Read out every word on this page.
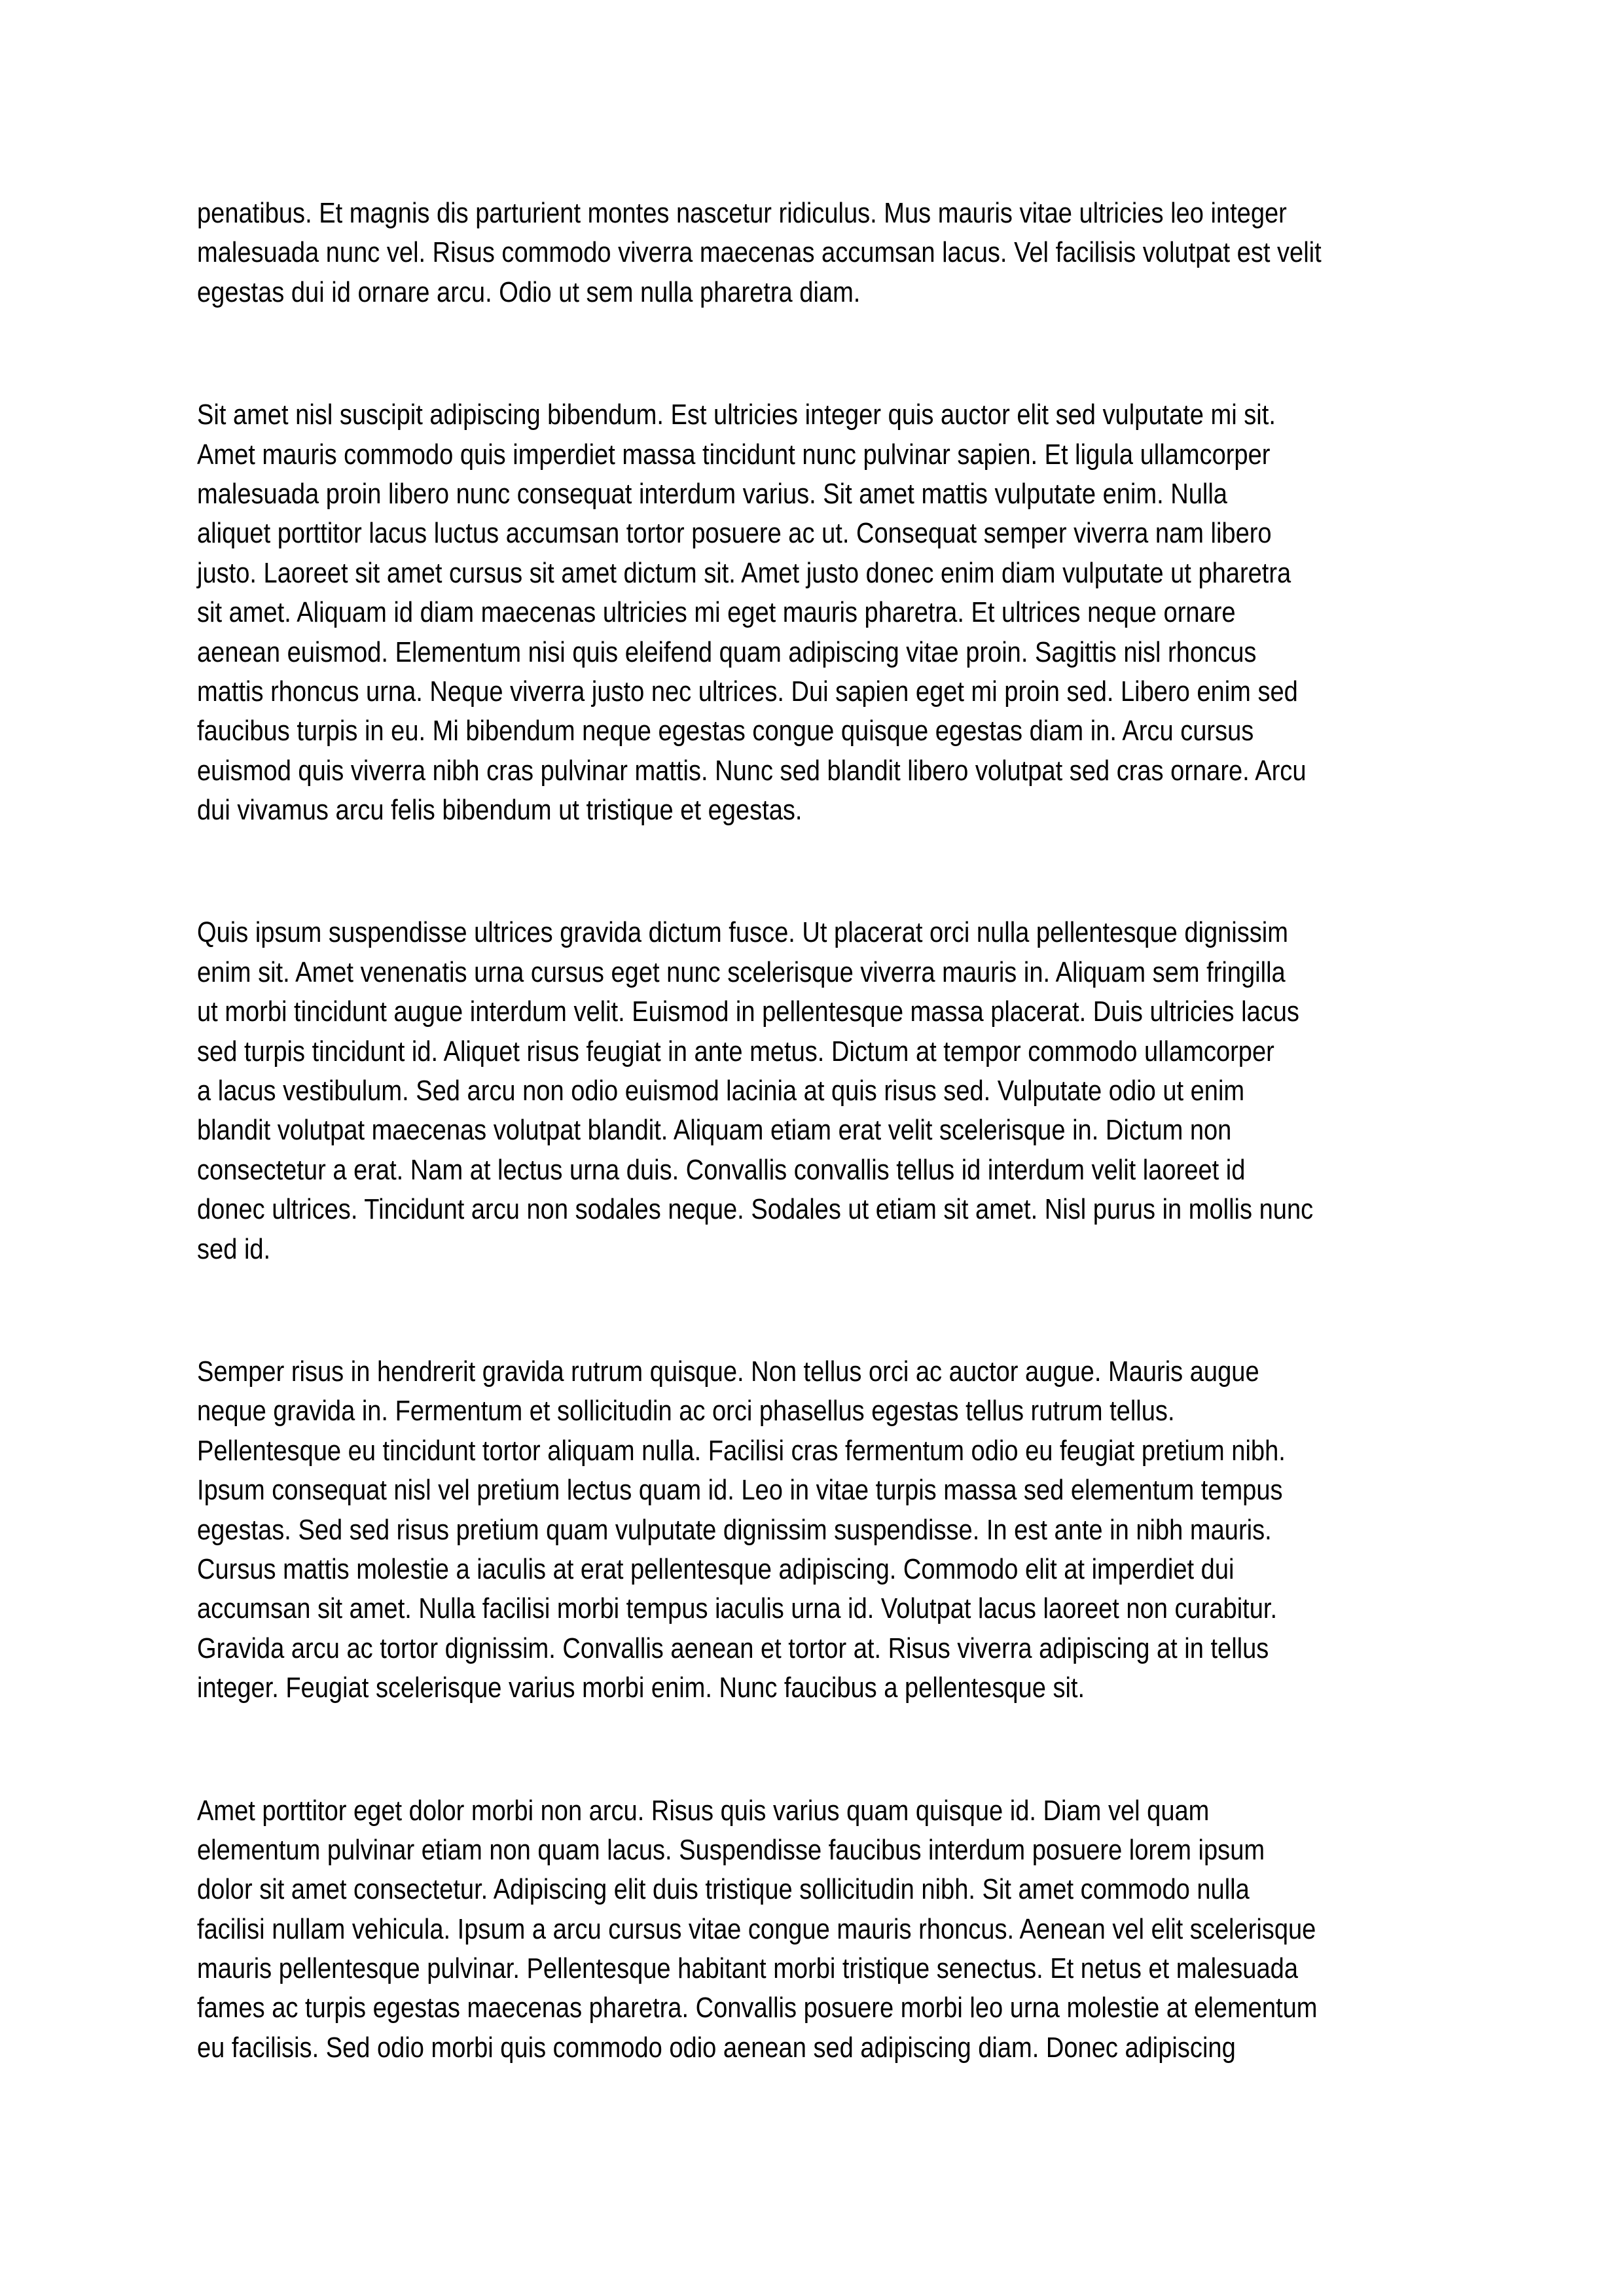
penatibus. Et magnis dis parturient montes nascetur ridiculus. Mus mauris vitae ultricies leo integer
malesuada nunc vel. Risus commodo viverra maecenas accumsan lacus. Vel facilisis volutpat est velit
egestas dui id ornare arcu. Odio ut sem nulla pharetra diam.

Sit amet nisl suscipit adipiscing bibendum. Est ultricies integer quis auctor elit sed vulputate mi sit.
Amet mauris commodo quis imperdiet massa tincidunt nunc pulvinar sapien. Et ligula ullamcorper
malesuada proin libero nunc consequat interdum varius. Sit amet mattis vulputate enim. Nulla
aliquet porttitor lacus luctus accumsan tortor posuere ac ut. Consequat semper viverra nam libero
justo. Laoreet sit amet cursus sit amet dictum sit. Amet justo donec enim diam vulputate ut pharetra
sit amet. Aliquam id diam maecenas ultricies mi eget mauris pharetra. Et ultrices neque ornare
aenean euismod. Elementum nisi quis eleifend quam adipiscing vitae proin. Sagittis nisl rhoncus
mattis rhoncus urna. Neque viverra justo nec ultrices. Dui sapien eget mi proin sed. Libero enim sed
faucibus turpis in eu. Mi bibendum neque egestas congue quisque egestas diam in. Arcu cursus
euismod quis viverra nibh cras pulvinar mattis. Nunc sed blandit libero volutpat sed cras ornare. Arcu
dui vivamus arcu felis bibendum ut tristique et egestas.

Quis ipsum suspendisse ultrices gravida dictum fusce. Ut placerat orci nulla pellentesque dignissim
enim sit. Amet venenatis urna cursus eget nunc scelerisque viverra mauris in. Aliquam sem fringilla
ut morbi tincidunt augue interdum velit. Euismod in pellentesque massa placerat. Duis ultricies lacus
sed turpis tincidunt id. Aliquet risus feugiat in ante metus. Dictum at tempor commodo ullamcorper
a lacus vestibulum. Sed arcu non odio euismod lacinia at quis risus sed. Vulputate odio ut enim
blandit volutpat maecenas volutpat blandit. Aliquam etiam erat velit scelerisque in. Dictum non
consectetur a erat. Nam at lectus urna duis. Convallis convallis tellus id interdum velit laoreet id
donec ultrices. Tincidunt arcu non sodales neque. Sodales ut etiam sit amet. Nisl purus in mollis nunc
sed id.

Semper risus in hendrerit gravida rutrum quisque. Non tellus orci ac auctor augue. Mauris augue
neque gravida in. Fermentum et sollicitudin ac orci phasellus egestas tellus rutrum tellus.
Pellentesque eu tincidunt tortor aliquam nulla. Facilisi cras fermentum odio eu feugiat pretium nibh.
Ipsum consequat nisl vel pretium lectus quam id. Leo in vitae turpis massa sed elementum tempus
egestas. Sed sed risus pretium quam vulputate dignissim suspendisse. In est ante in nibh mauris.
Cursus mattis molestie a iaculis at erat pellentesque adipiscing. Commodo elit at imperdiet dui
accumsan sit amet. Nulla facilisi morbi tempus iaculis urna id. Volutpat lacus laoreet non curabitur.
Gravida arcu ac tortor dignissim. Convallis aenean et tortor at. Risus viverra adipiscing at in tellus
integer. Feugiat scelerisque varius morbi enim. Nunc faucibus a pellentesque sit.

Amet porttitor eget dolor morbi non arcu. Risus quis varius quam quisque id. Diam vel quam
elementum pulvinar etiam non quam lacus. Suspendisse faucibus interdum posuere lorem ipsum
dolor sit amet consectetur. Adipiscing elit duis tristique sollicitudin nibh. Sit amet commodo nulla
facilisi nullam vehicula. Ipsum a arcu cursus vitae congue mauris rhoncus. Aenean vel elit scelerisque
mauris pellentesque pulvinar. Pellentesque habitant morbi tristique senectus. Et netus et malesuada
fames ac turpis egestas maecenas pharetra. Convallis posuere morbi leo urna molestie at elementum
eu facilisis. Sed odio morbi quis commodo odio aenean sed adipiscing diam. Donec adipiscing
